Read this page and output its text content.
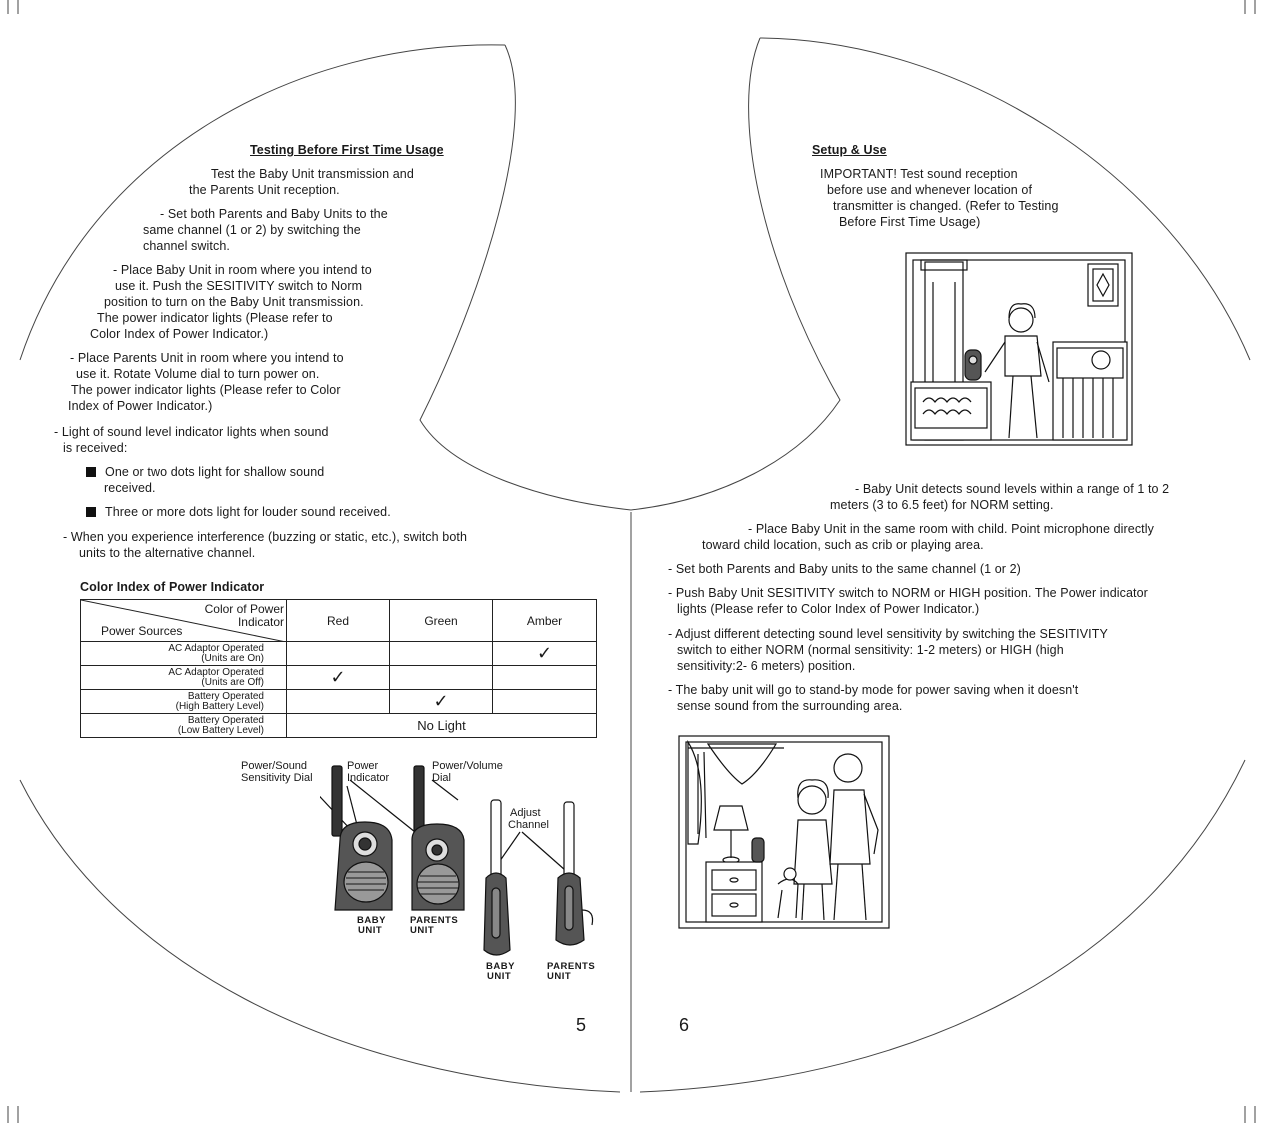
Testing Before First Time Usage
Test the Baby Unit transmission and
the Parents Unit reception.
- Set both Parents and Baby Units to the
same channel (1 or 2) by switching the
channel switch.
- Place Baby Unit in room where you intend to
use it. Push the SESITIVITY switch to Norm
position to turn on the Baby Unit transmission.
The power indicator lights (Please refer to
Color Index of Power Indicator.)
- Place Parents Unit in room where you intend to
use it. Rotate Volume dial to turn power on.
The power indicator lights (Please refer to Color
Index of Power Indicator.)
- Light of sound level indicator lights when sound
is received:
One or two dots light for shallow sound
received.
Three or more dots light for louder sound received.
- When you experience interference (buzzing or static, etc.), switch both
units to the alternative channel.
Color Index of Power Indicator
Color of Power
Indicator
Power Sources	Red	Green	Amber

AC Adaptor Operated
(Units are On)			✓

AC Adaptor Operated
(Units are Off)	✓		

Battery Operated
(High Battery Level)		✓	

Battery Operated
(Low Battery Level)	No Light		
Power/Sound
Sensitivity Dial
Power
Indicator
Power/Volume
Dial
Adjust
Channel
BABY
UNIT
PARENTS
UNIT
BABY
UNIT
PARENTS
UNIT
5
Setup & Use
IMPORTANT! Test sound reception
before use and whenever location of
transmitter is changed. (Refer to Testing
Before First Time Usage)
- Baby Unit detects sound levels within a range of 1 to 2
meters (3 to 6.5 feet) for NORM setting.
- Place Baby Unit in the same room with child. Point microphone directly
toward child location, such as crib or playing area.
- Set both Parents and Baby units to the same channel (1 or 2)
- Push Baby Unit SESITIVITY switch to NORM or HIGH position. The Power indicator
lights (Please refer to Color Index of Power Indicator.)
- Adjust different detecting sound level sensitivity by switching the SESITIVITY
switch to either NORM (normal sensitivity: 1-2 meters) or HIGH (high
sensitivity:2- 6 meters) position.
- The baby unit will go to stand-by mode for power saving when it doesn't
sense sound from the surrounding area.
6
